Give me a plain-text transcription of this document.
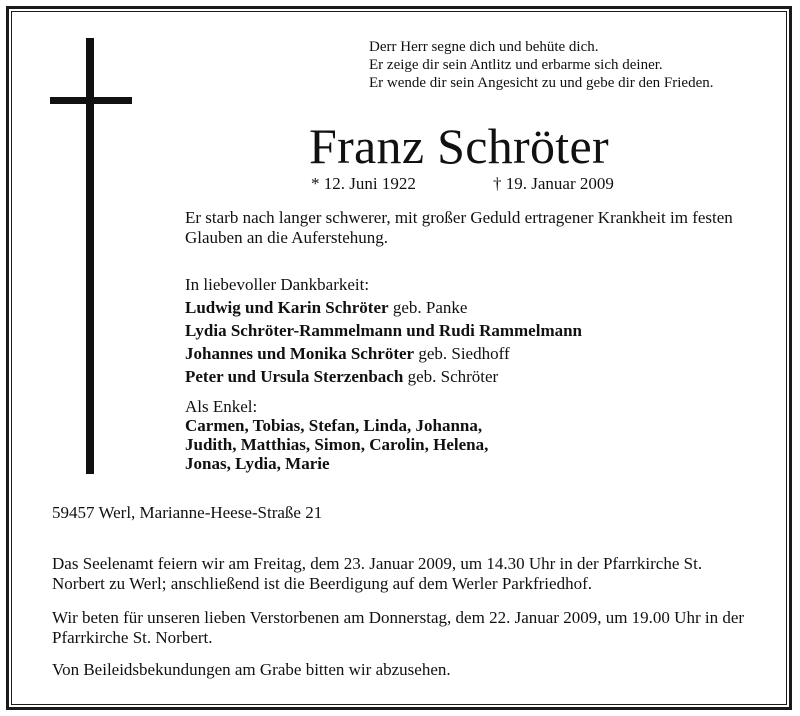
Derr Herr segne dich und behüte dich.
Er zeige dir sein Antlitz und erbarme sich deiner.
Er wende dir sein Angesicht zu und gebe dir den Frieden.
Franz Schröter
* 12. Juni 1922	† 19. Januar 2009
Er starb nach langer schwerer, mit großer Geduld ertragener Krankheit im festen Glauben an die Auferstehung.
In liebevoller Dankbarkeit:
Ludwig und Karin Schröter geb. Panke
Lydia Schröter-Rammelmann und Rudi Rammelmann
Johannes und Monika Schröter geb. Siedhoff
Peter und Ursula Sterzenbach geb. Schröter
Als Enkel:
Carmen, Tobias, Stefan, Linda, Johanna,
Judith, Matthias, Simon, Carolin, Helena,
Jonas, Lydia, Marie
59457 Werl, Marianne-Heese-Straße 21
Das Seelenamt feiern wir am Freitag, dem 23. Januar 2009, um 14.30 Uhr in der Pfarrkirche St. Norbert zu Werl; anschließend ist die Beerdigung auf dem Werler Parkfriedhof.
Wir beten für unseren lieben Verstorbenen am Donnerstag, dem 22. Januar 2009, um 19.00 Uhr in der Pfarrkirche St. Norbert.
Von Beileidsbekundungen am Grabe bitten wir abzusehen.
